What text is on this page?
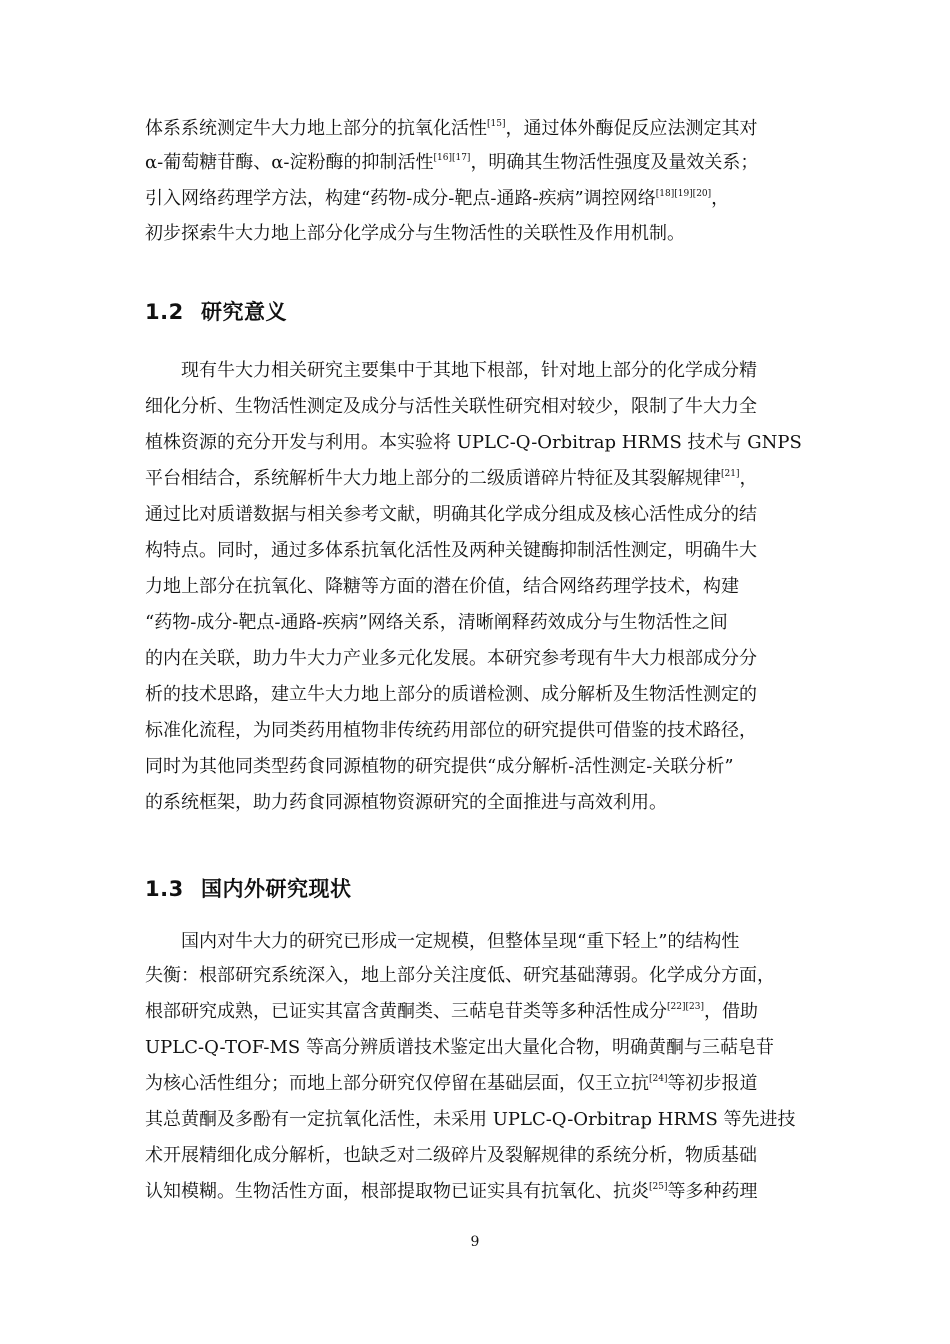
体系系统测定牛大力地上部分的抗氧化活性[15]，通过体外酶促反应法测定其对
α-葡萄糖苷酶、α-淀粉酶的抑制活性[16][17]，明确其生物活性强度及量效关系；
引入网络药理学方法，构建“药物-成分-靶点-通路-疾病”调控网络[18][19][20]，
初步探索牛大力地上部分化学成分与生物活性的关联性及作用机制。
1.2 研究意义
现有牛大力相关研究主要集中于其地下根部，针对地上部分的化学成分精
细化分析、生物活性测定及成分与活性关联性研究相对较少，限制了牛大力全
植株资源的充分开发与利用。本实验将 UPLC-Q-Orbitrap HRMS 技术与 GNPS
平台相结合，系统解析牛大力地上部分的二级质谱碎片特征及其裂解规律[21]，
通过比对质谱数据与相关参考文献，明确其化学成分组成及核心活性成分的结
构特点。同时，通过多体系抗氧化活性及两种关键酶抑制活性测定，明确牛大
力地上部分在抗氧化、降糖等方面的潜在价值，结合网络药理学技术，构建
“药物-成分-靶点-通路-疾病”网络关系，清晰阐释药效成分与生物活性之间
的内在关联，助力牛大力产业多元化发展。本研究参考现有牛大力根部成分分
析的技术思路，建立牛大力地上部分的质谱检测、成分解析及生物活性测定的
标准化流程，为同类药用植物非传统药用部位的研究提供可借鉴的技术路径，
同时为其他同类型药食同源植物的研究提供“成分解析-活性测定-关联分析”
的系统框架，助力药食同源植物资源研究的全面推进与高效利用。
1.3 国内外研究现状
国内对牛大力的研究已形成一定规模，但整体呈现“重下轻上”的结构性
失衡：根部研究系统深入，地上部分关注度低、研究基础薄弱。化学成分方面，
根部研究成熟，已证实其富含黄酮类、三萜皂苷类等多种活性成分[22][23]，借助
UPLC-Q-TOF-MS 等高分辨质谱技术鉴定出大量化合物，明确黄酮与三萜皂苷
为核心活性组分；而地上部分研究仅停留在基础层面，仅王立抗[24]等初步报道
其总黄酮及多酚有一定抗氧化活性，未采用 UPLC-Q-Orbitrap HRMS 等先进技
术开展精细化成分解析，也缺乏对二级碎片及裂解规律的系统分析，物质基础
认知模糊。生物活性方面，根部提取物已证实具有抗氧化、抗炎[25]等多种药理
9
